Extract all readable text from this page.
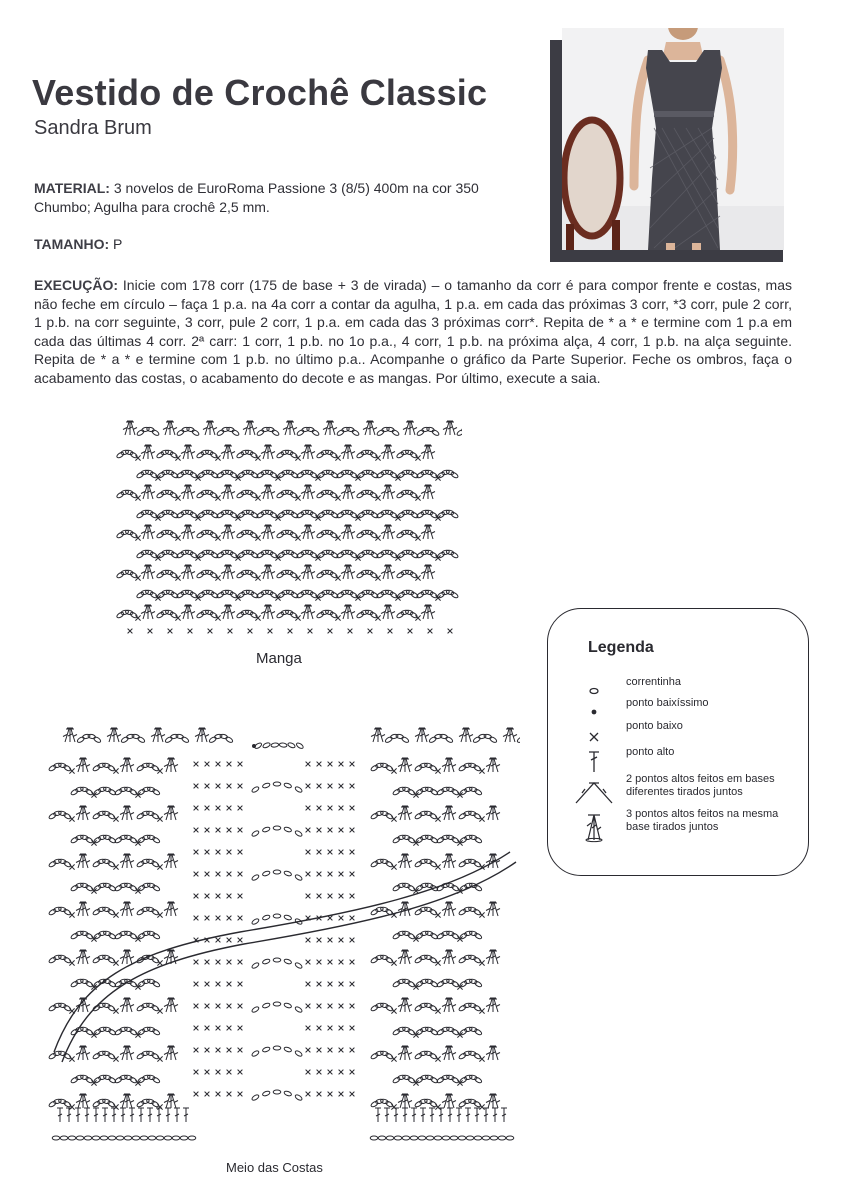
Vestido de Crochê Classic
Sandra Brum
MATERIAL: 3 novelos de EuroRoma Passione 3 (8/5) 400m na cor 350 Chumbo; Agulha para crochê 2,5 mm.
TAMANHO: P
EXECUÇÃO: Inicie com 178 corr (175 de base + 3 de virada) – o tamanho da corr é para compor frente e costas, mas não feche em círculo – faça 1 p.a. na 4a corr a contar da agulha, 1 p.a. em cada das próximas 3 corr, *3 corr, pule 2 corr, 1 p.b. na corr seguinte, 3 corr, pule 2 corr, 1 p.a. em cada das 3 próximas corr*. Repita de * a * e termine com 1 p.a em cada das últimas 4 corr. 2ª carr: 1 corr, 1 p.b. no 1o p.a., 4 corr, 1 p.b. na próxima alça, 4 corr, 1 p.b. na alça seguinte. Repita de * a * e termine com 1 p.b. no último p.a.. Acompanhe o gráfico da Parte Superior. Feche os ombros, faça o acabamento das costas, o acabamento do decote e as mangas. Por último, execute a saia.
Manga
Meio das Costas
Legenda
correntinha
ponto baixíssimo
ponto baixo
ponto alto
2 pontos altos feitos em bases diferentes tirados juntos
3 pontos altos feitos na mesma base tirados juntos
